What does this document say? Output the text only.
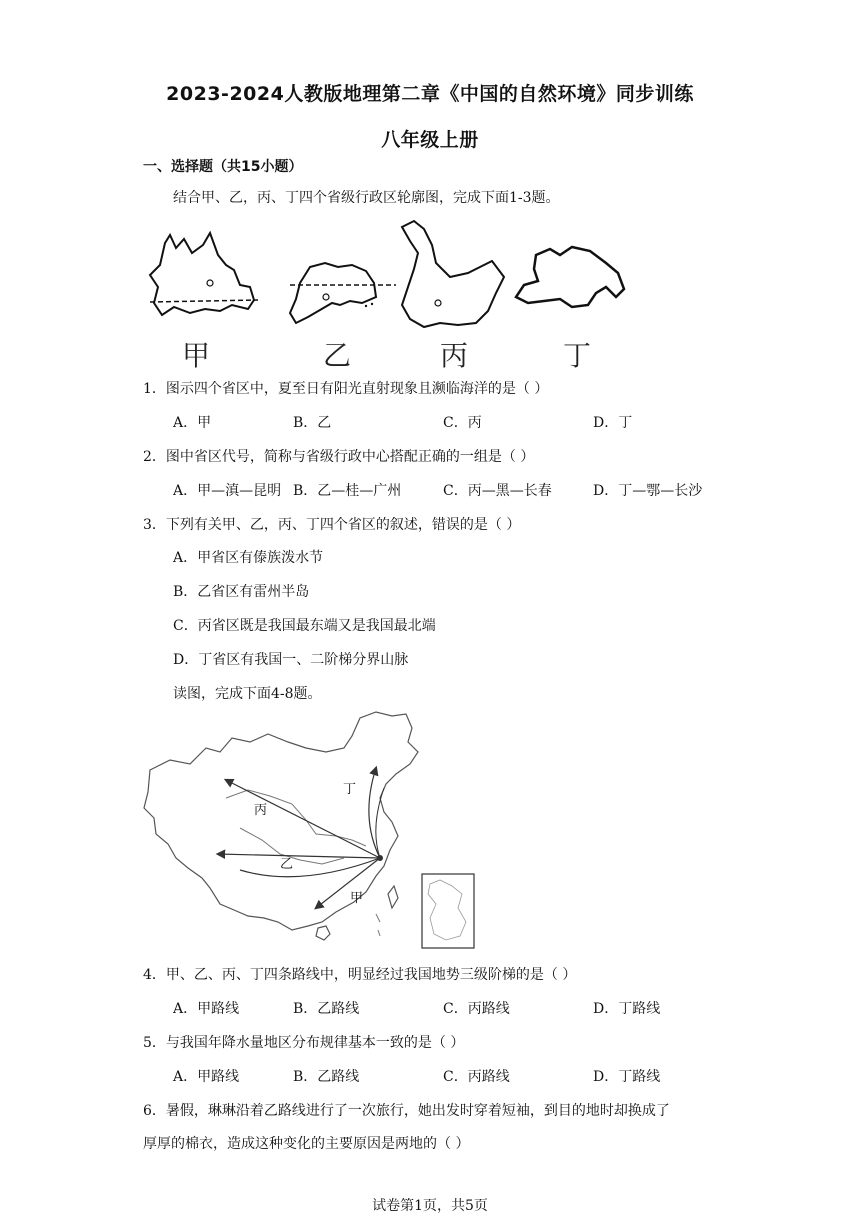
2023-2024人教版地理第二章《中国的自然环境》同步训练
八年级上册
一、选择题（共15小题）
结合甲、乙，丙、丁四个省级行政区轮廓图，完成下面1-3题。
甲	乙	丙	丁
1．图示四个省区中，夏至日有阳光直射现象且濒临海洋的是（ ）
A．甲	B．乙	C．丙	D．丁
2．图中省区代号，简称与省级行政中心搭配正确的一组是（ ）
A．甲—滇—昆明 B．乙—桂—广州	C．丙—黑—长春	D．丁—鄂—长沙
3．下列有关甲、乙，丙、丁四个省区的叙述，错误的是（ ）
A．甲省区有傣族泼水节
B．乙省区有雷州半岛
C．丙省区既是我国最东端又是我国最北端
D．丁省区有我国一、二阶梯分界山脉
读图，完成下面4-8题。
丙
丁
乙
甲
4．甲、乙、丙、丁四条路线中，明显经过我国地势三级阶梯的是（ ）
A．甲路线	B．乙路线	C．丙路线	D．丁路线
5．与我国年降水量地区分布规律基本一致的是（ ）
A．甲路线	B．乙路线	C．丙路线	D．丁路线
6．暑假，琳琳沿着乙路线进行了一次旅行，她出发时穿着短袖，到目的地时却换成了
厚厚的棉衣，造成这种变化的主要原因是两地的（ ）
试卷第1页，共5页
